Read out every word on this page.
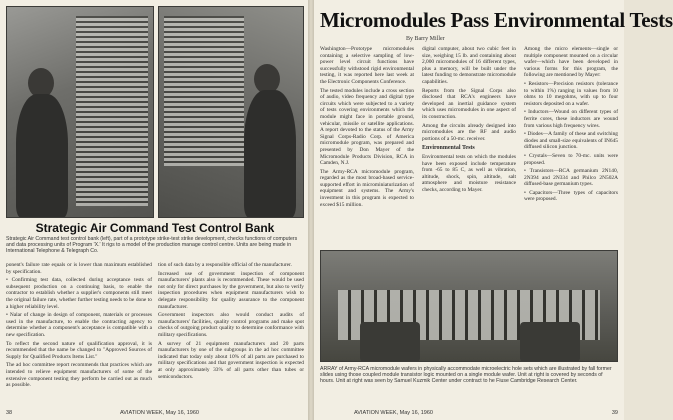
Strategic Air Command Test Control Bank
Strategic Air Command test control bank (left), part of a prototype strike-test strike development, checks functions of computers and data processing units of Program 'X.' It rigs to a model of the production manage control centre. Units are being made in International Telephone & Telegraph Co.

ponent's failure rate equals or is lower than maximum established by specification.

• Confirming test data, collected during acceptance tests of subsequent production on a continuing basis, to enable the contractor to establish whether a supplier's components still meet the original failure rate, whether further testing needs to be done to a higher reliability level.

• Nalar of change in design of component, materials or processes used in the manufacture, to enable the contracting agency to determine whether a component's acceptance is compatible with a new specification.

To reflect the second nature of qualification approval, it is recommended that the name be changed to "Approved Sources of Supply for Qualified Products Items List."

The ad hoc committee report recommends that practices which are intended to relieve equipment manufacturers of some of the extensive component testing they perform be carried out as much as possible.

tion of such data by a responsible official of the manufacturer.

Increased use of government inspection of component manufacturers' plants also is recommended. These would be used not only for direct purchases by the government, but also to verify inspection procedures when equipment manufacturers wish to delegate responsibility for quality assurance to the component manufacturer.

Government inspectors also would conduct audits of manufacturers' facilities, quality control programs and make spot checks of outgoing product quality to determine conformance with military specifications.

A survey of 21 equipment manufacturers and 20 parts manufacturers by one of the subgroups in the ad hoc committee indicated that today only about 10% of all parts are purchased to military specifications and that government inspection is expected at only approximately 33% of all parts other than tubes or semiconductors.

38	AVIATION WEEK, May 16, 1960
Micromodules Pass Environmental Tests
By Barry Miller

Washington—Prototype micromodules containing a selective sampling of low-power level circuit functions have successfully withstood rigid environmental testing, it was reported here last week at the Electronic Components Conference.

The tested modules include a cross section of audio, video frequency and digital type circuits which were subjected to a variety of tests covering environments which the module might face in portable ground, vehicular, missile or satellite applications. A report devoted to the status of the Army Signal Corps-Radio Corp. of America micromodule program, was prepared and presented by Don Mayer of the Micromodule Products Division, RCA in Camden, N.J.

The Army-RCA micromodule program, regarded as the most broad-based service-supported effort in microminiaturization of equipment and systems. The Army's investment in this program is expected to exceed $15 million.

digital computer, about two cubic feet in size, weighing 15 lb. and containing about 2,000 micromodules of 16 different types, plus a memory, will be built under the latest funding to demonstrate micromodule capabilities.

Reports from the Signal Corps also disclosed that RCA's engineers have developed an inertial guidance system which uses micromodules in one aspect of its construction.

Among the circuits already designed into micromodules are the RF and audio portions of a 50-mc. receiver.

Environmental Tests

Environmental tests on which the modules have been exposed include temperature from -65 to 85 C, as well as vibration, altitude, shock, spin, altitude, salt atmosphere and moisture resistance checks, according to Mayer.

Among the micro elements—single or multiple component mounted on a circular wafer—which have been developed in various forms for this program, the following are mentioned by Mayer:

• Resistors—Precision resistors (tolerance to within 1%) ranging in values from 10 ohms to 10 megohms, with up to four resistors deposited on a wafer.

• Inductors—Wound on different types of ferrite cores, these inductors are wound from various high frequency wires.

• Diodes—A family of these and switching diodes and small-size equivalents of IN645 diffused silicon junction.

• Crystals—Seven to 70-mc. units were proposed.

• Transistors—RCA germanium 2N140, 2N394 and 2N334 and Philco 2N502A diffused-base germanium types.

• Capacitors—Three types of capacitors were proposed.

ARRAY of Army-RCA micromodule wafers in physically accommodate microelectric hole sets which are illustrated by fall former slides using those coupled module transistor logic mounted on a single module wafer. Unit at right is covered by seconds of hours. Unit at right was seen by Samuel Kuzmik Center under contract to he Fiuse Cambridge Research Center.
AVIATION WEEK, May 16, 1960	39
